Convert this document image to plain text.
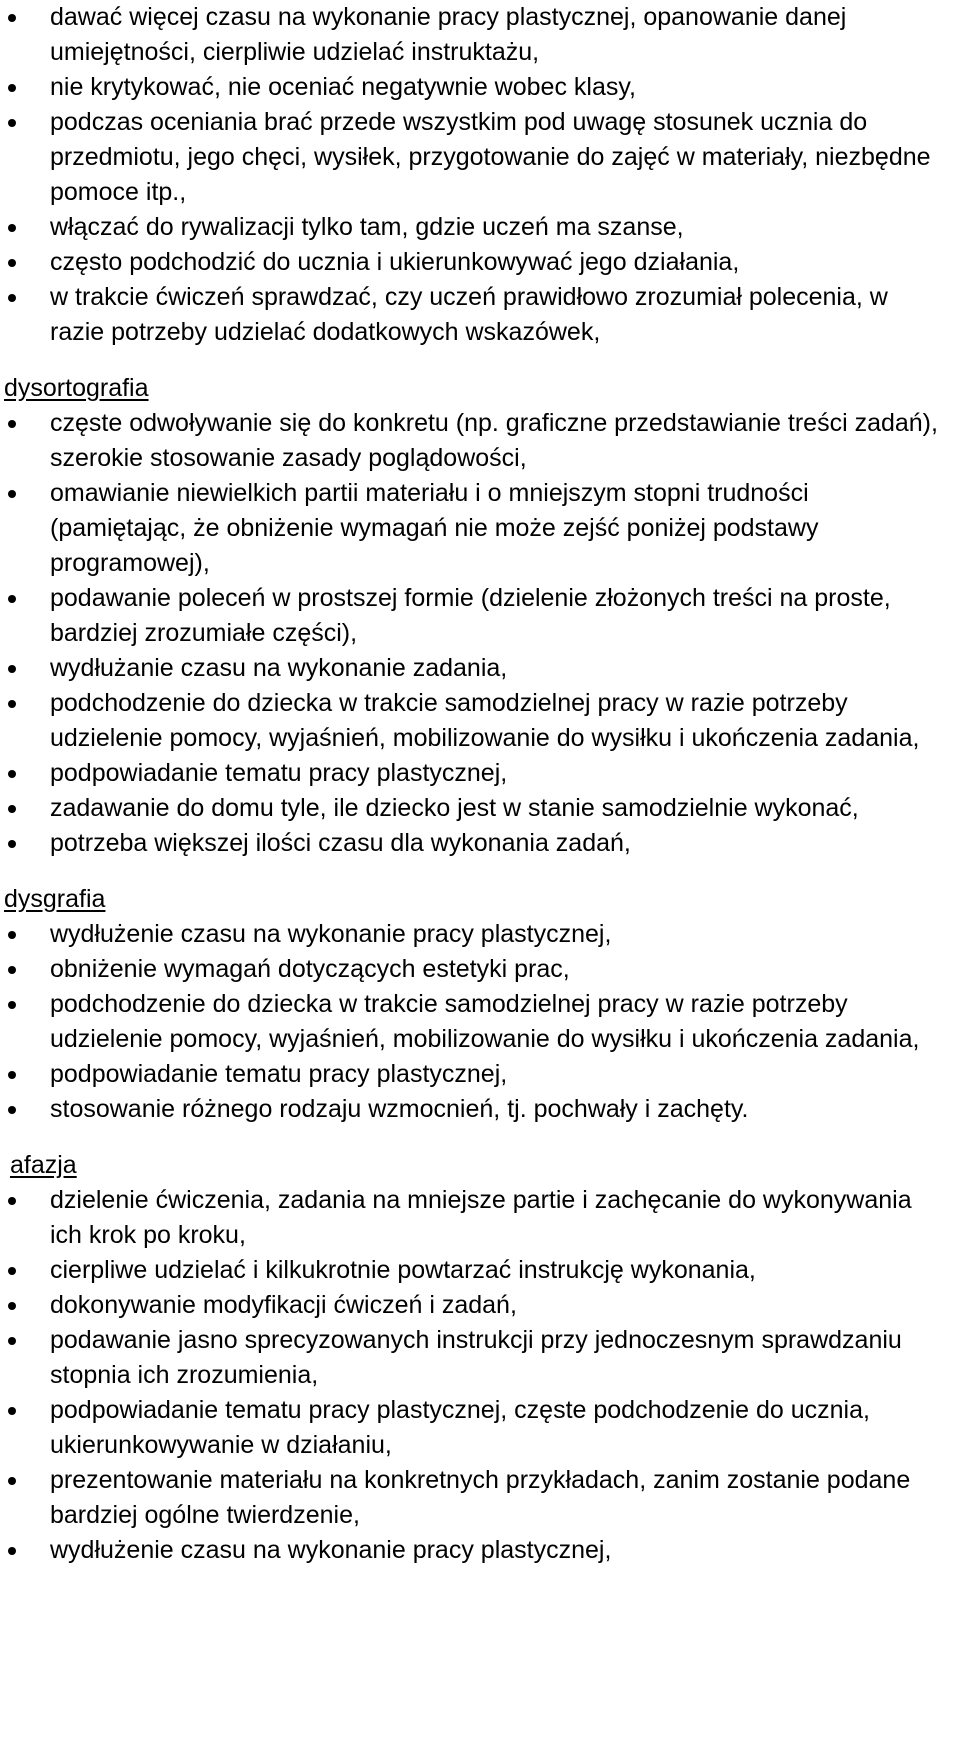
dawać więcej czasu na wykonanie pracy plastycznej, opanowanie danej umiejętności, cierpliwie udzielać instruktażu,
nie krytykować, nie oceniać negatywnie wobec klasy,
podczas oceniania brać przede wszystkim pod uwagę stosunek ucznia do przedmiotu, jego chęci, wysiłek, przygotowanie do zajęć w materiały, niezbędne pomoce itp.,
włączać do rywalizacji tylko tam, gdzie uczeń ma szanse,
często podchodzić do ucznia i ukierunkowywać jego działania,
w trakcie ćwiczeń sprawdzać, czy uczeń prawidłowo zrozumiał polecenia, w razie potrzeby udzielać dodatkowych wskazówek,
dysortografia
częste odwoływanie się do konkretu (np. graficzne przedstawianie treści zadań), szerokie stosowanie zasady poglądowości,
omawianie niewielkich partii materiału i o mniejszym stopni trudności (pamiętając, że obniżenie wymagań nie może zejść poniżej podstawy programowej),
podawanie poleceń w prostszej formie (dzielenie złożonych treści na proste, bardziej zrozumiałe części),
wydłużanie czasu na wykonanie zadania,
podchodzenie do dziecka w trakcie samodzielnej pracy w razie potrzeby udzielenie pomocy, wyjaśnień, mobilizowanie do wysiłku i ukończenia zadania,
podpowiadanie tematu pracy plastycznej,
zadawanie do domu tyle, ile dziecko jest w stanie samodzielnie wykonać,
potrzeba większej ilości czasu dla wykonania zadań,
dysgrafia
wydłużenie czasu na wykonanie pracy plastycznej,
obniżenie wymagań dotyczących estetyki prac,
podchodzenie do dziecka w trakcie samodzielnej pracy w razie potrzeby udzielenie pomocy, wyjaśnień, mobilizowanie do wysiłku i ukończenia zadania,
podpowiadanie tematu pracy plastycznej,
stosowanie różnego rodzaju wzmocnień, tj. pochwały i zachęty.
afazja
dzielenie ćwiczenia, zadania na mniejsze partie i zachęcanie do wykonywania ich krok po kroku,
cierpliwe udzielać i kilkukrotnie powtarzać instrukcję wykonania,
dokonywanie modyfikacji ćwiczeń i zadań,
podawanie jasno sprecyzowanych instrukcji przy jednoczesnym sprawdzaniu stopnia ich zrozumienia,
podpowiadanie tematu pracy plastycznej, częste podchodzenie do ucznia, ukierunkowywanie w działaniu,
prezentowanie materiału na konkretnych przykładach, zanim zostanie podane bardziej ogólne twierdzenie,
wydłużenie czasu na wykonanie pracy plastycznej,
